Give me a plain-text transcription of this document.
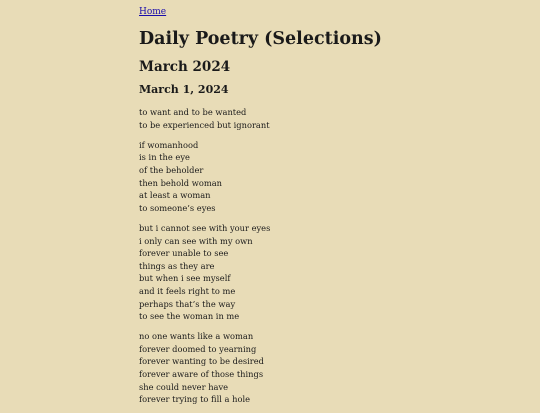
Home
Daily Poetry (Selections)
March 2024
March 1, 2024
to want and to be wanted
to be experienced but ignorant
if womanhood
is in the eye
of the beholder
then behold woman
at least a woman
to someone’s eyes
but i cannot see with your eyes
i only can see with my own
forever unable to see
things as they are
but when i see myself
and it feels right to me
perhaps that’s the way
to see the woman in me
no one wants like a woman
forever doomed to yearning
forever wanting to be desired
forever aware of those things
she could never have
forever trying to fill a hole
